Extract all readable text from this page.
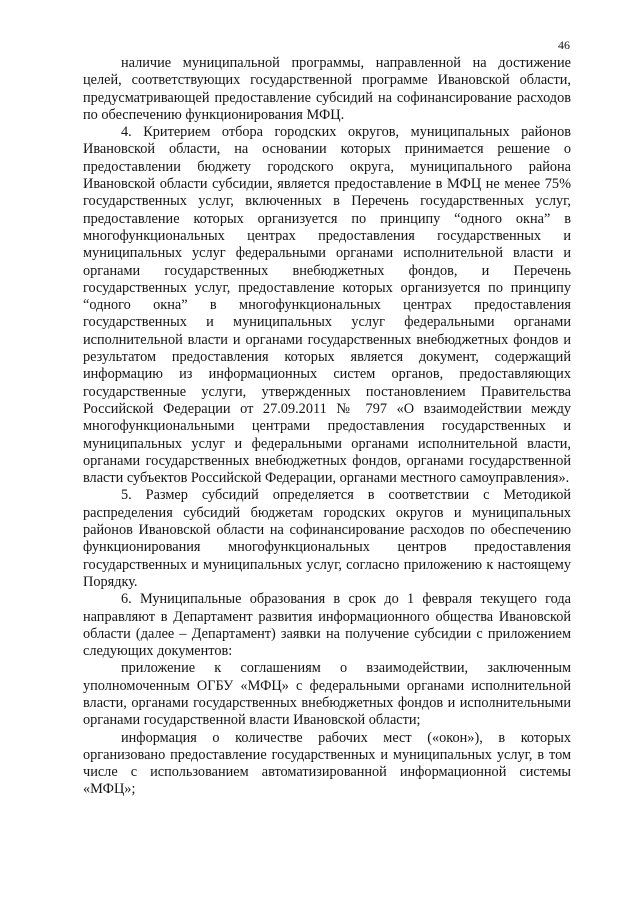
46

наличие муниципальной программы, направленной на достижение целей, соответствующих государственной программе Ивановской области, предусматривающей предоставление субсидий на софинансирование расходов по обеспечению функционирования МФЦ.

4. Критерием отбора городских округов, муниципальных районов Ивановской области, на основании которых принимается решение о предоставлении бюджету городского округа, муниципального района Ивановской области субсидии, является предоставление в МФЦ не менее 75% государственных услуг, включенных в Перечень государственных услуг, предоставление которых организуется по принципу “одного окна” в многофункциональных центрах предоставления государственных и муниципальных услуг федеральными органами исполнительной власти и органами государственных внебюджетных фондов, и Перечень государственных услуг, предоставление которых организуется по принципу “одного окна” в многофункциональных центрах предоставления государственных и муниципальных услуг федеральными органами исполнительной власти и органами государственных внебюджетных фондов и результатом предоставления которых является документ, содержащий информацию из информационных систем органов, предоставляющих государственные услуги, утвержденных постановлением Правительства Российской Федерации от 27.09.2011 № 797 «О взаимодействии между многофункциональными центрами предоставления государственных и муниципальных услуг и федеральными органами исполнительной власти, органами государственных внебюджетных фондов, органами государственной власти субъектов Российской Федерации, органами местного самоуправления».

5. Размер субсидий определяется в соответствии с Методикой распределения субсидий бюджетам городских округов и муниципальных районов Ивановской области на софинансирование расходов по обеспечению функционирования многофункциональных центров предоставления государственных и муниципальных услуг, согласно приложению к настоящему Порядку.

6. Муниципальные образования в срок до 1 февраля текущего года направляют в Департамент развития информационного общества Ивановской области (далее – Департамент) заявки на получение субсидии с приложением следующих документов:

приложение к соглашениям о взаимодействии, заключенным уполномоченным ОГБУ «МФЦ» с федеральными органами исполнительной власти, органами государственных внебюджетных фондов и исполнительными органами государственной власти Ивановской области;

информация о количестве рабочих мест («окон»), в которых организовано предоставление государственных и муниципальных услуг, в том числе с использованием автоматизированной информационной системы «МФЦ»;
